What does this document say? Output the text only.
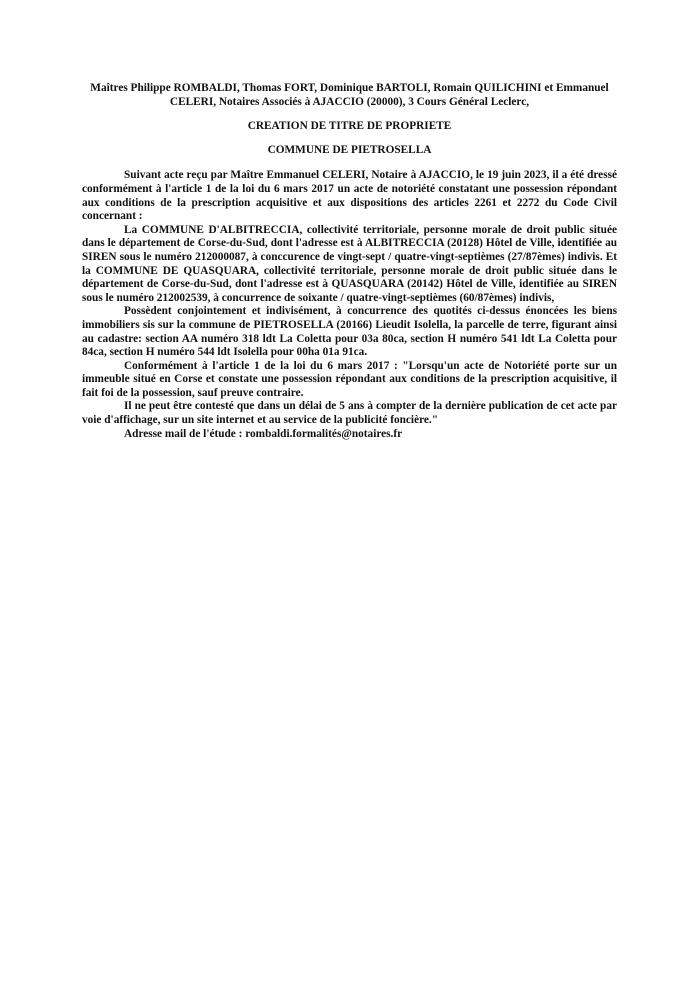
Maîtres Philippe ROMBALDI, Thomas FORT, Dominique BARTOLI, Romain QUILICHINI et Emmanuel CELERI, Notaires Associés à AJACCIO (20000), 3 Cours Général Leclerc,

CREATION DE TITRE DE PROPRIETE

COMMUNE DE PIETROSELLA

Suivant acte reçu par Maître Emmanuel CELERI, Notaire à AJACCIO, le 19 juin 2023, il a été dressé conformément à l'article 1 de la loi du 6 mars 2017 un acte de notoriété constatant une possession répondant aux conditions de la prescription acquisitive et aux dispositions des articles 2261 et 2272 du Code Civil concernant :

La COMMUNE D'ALBITRECCIA, collectivité territoriale, personne morale de droit public située dans le département de Corse-du-Sud, dont l'adresse est à ALBITRECCIA (20128) Hôtel de Ville, identifiée au SIREN sous le numéro 212000087, à conccurence de vingt-sept / quatre-vingt-septièmes (27/87èmes) indivis. Et la COMMUNE DE QUASQUARA, collectivité territoriale, personne morale de droit public située dans le département de Corse-du-Sud, dont l'adresse est à QUASQUARA (20142) Hôtel de Ville, identifiée au SIREN sous le numéro 212002539, à concurrence de soixante / quatre-vingt-septièmes (60/87èmes) indivis,

Possèdent conjointement et indivisément, à concurrence des quotités ci-dessus énoncées les biens immobiliers sis sur la commune de PIETROSELLA (20166) Lieudit Isolella, la parcelle de terre, figurant ainsi au cadastre: section AA numéro 318 ldt La Coletta pour 03a 80ca, section H numéro 541 ldt La Coletta pour 84ca, section H numéro 544 ldt Isolella pour 00ha 01a 91ca.

Conformément à l'article 1 de la loi du 6 mars 2017 : "Lorsqu'un acte de Notoriété porte sur un immeuble situé en Corse et constate une possession répondant aux conditions de la prescription acquisitive, il fait foi de la possession, sauf preuve contraire.

Il ne peut être contesté que dans un délai de 5 ans à compter de la dernière publication de cet acte par voie d'affichage, sur un site internet et au service de la publicité foncière."

Adresse mail de l'étude : rombaldi.formalités@notaires.fr
